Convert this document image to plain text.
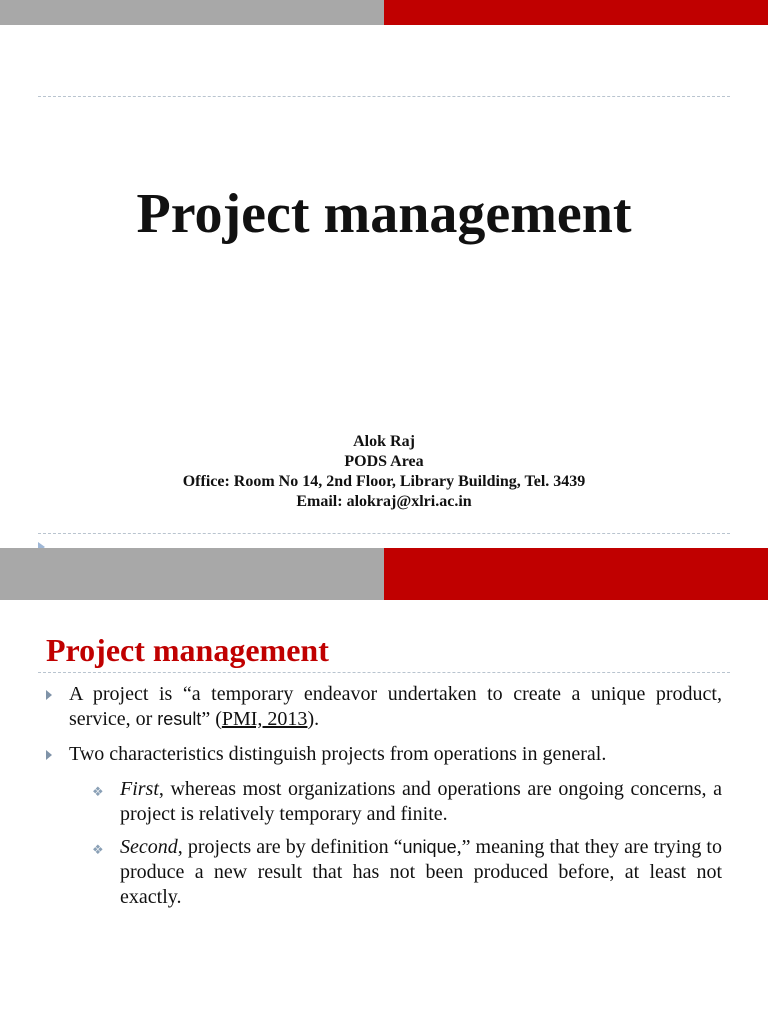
Project management
Alok Raj
PODS Area
Office: Room No 14, 2nd Floor, Library Building, Tel. 3439
Email: alokraj@xlri.ac.in
Project management
A project is “a temporary endeavor undertaken to create a unique product, service, or result” (PMI, 2013).
Two characteristics distinguish projects from operations in general.
❖ First, whereas most organizations and operations are ongoing concerns, a project is relatively temporary and finite.
❖ Second, projects are by definition “unique,” meaning that they are trying to produce a new result that has not been produced before, at least not exactly.
